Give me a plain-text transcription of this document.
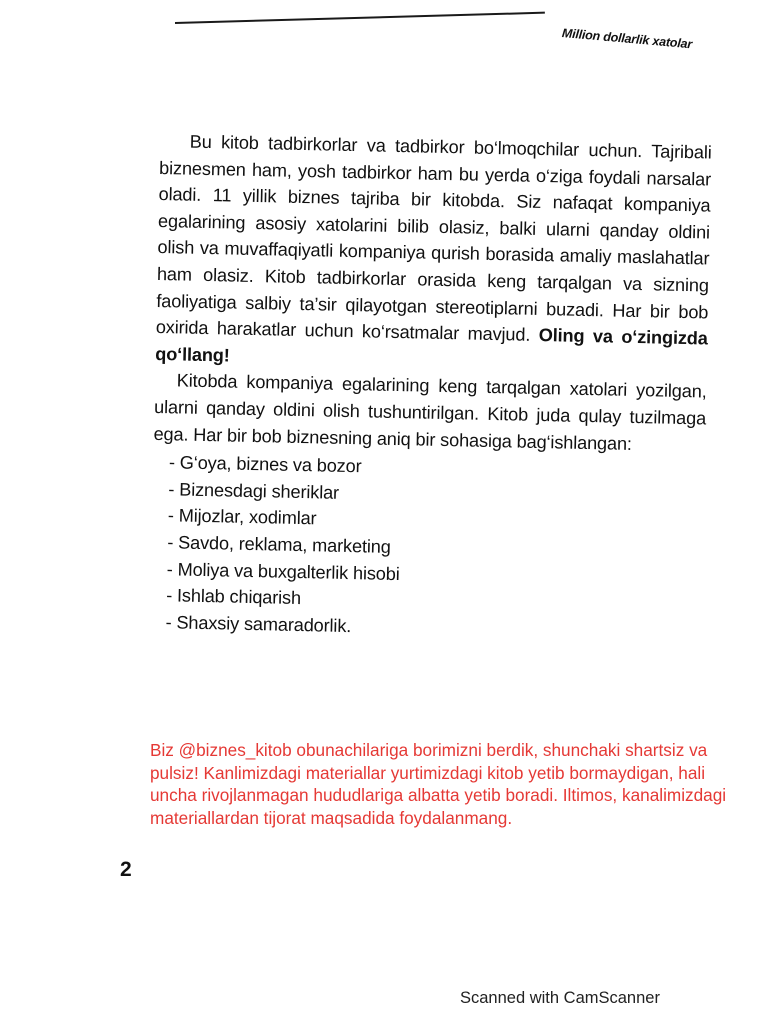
Million dollarlik xatolar

Bu kitob tadbirkorlar va tadbirkor bo‘lmoqchilar uchun. Tajribali biznesmen ham, yosh tadbirkor ham bu yerda o‘ziga foydali narsalar oladi. 11 yillik biznes tajriba bir kitobda. Siz nafaqat kompaniya egalarining asosiy xatolarini bilib olasiz, balki ularni qanday oldini olish va muvaffaqiyatli kompaniya qurish borasida amaliy maslahatlar ham olasiz. Kitob tadbirkorlar orasida keng tarqalgan va sizning faoliyatiga salbiy ta’sir qilayotgan stereotiplarni buzadi. Har bir bob oxirida harakatlar uchun ko‘rsatmalar mavjud. Oling va o‘zingizda qo‘llang!

Kitobda kompaniya egalarining keng tarqalgan xatolari yozilgan, ularni qanday oldini olish tushuntirilgan. Kitob juda qulay tuzilmaga ega. Har bir bob biznesning aniq bir sohasiga bag‘ishlangan:

- G‘oya, biznes va bozor
- Biznesdagi sheriklar
- Mijozlar, xodimlar
- Savdo, reklama, marketing
- Moliya va buxgalterlik hisobi
- Ishlab chiqarish
- Shaxsiy samaradorlik.
Biz @biznes_kitob obunachilariga borimizni berdik, shunchaki shartsiz va pulsiz! Kanlimizdagi materiallar yurtimizdagi kitob yetib bormaydigan, hali uncha rivojlanmagan hududlariga albatta yetib boradi. Iltimos, kanalimizdagi materiallardan tijorat maqsadida foydalanmang.
2
Scanned with CamScanner
